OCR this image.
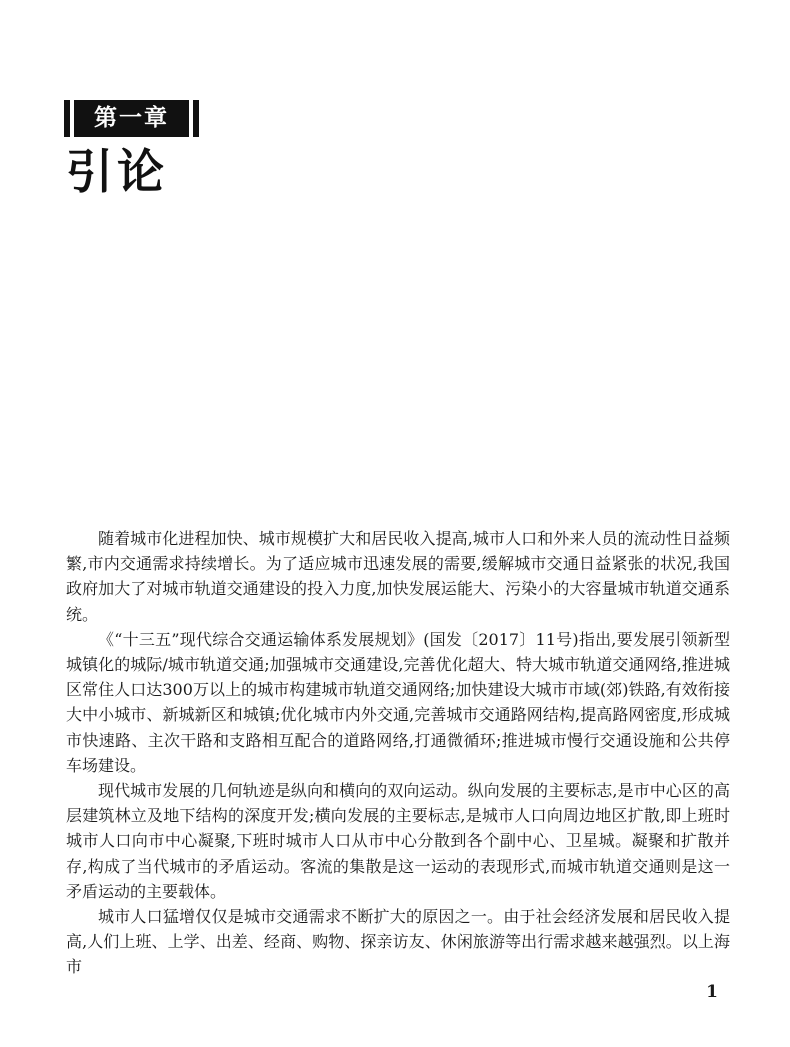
第一章
引论

随着城市化进程加快、城市规模扩大和居民收入提高,城市人口和外来人员的流动性日益频繁,市内交通需求持续增长。为了适应城市迅速发展的需要,缓解城市交通日益紧张的状况,我国政府加大了对城市轨道交通建设的投入力度,加快发展运能大、污染小的大容量城市轨道交通系统。

《“十三五”现代综合交通运输体系发展规划》(国发〔2017〕11号)指出,要发展引领新型城镇化的城际/城市轨道交通;加强城市交通建设,完善优化超大、特大城市轨道交通网络,推进城区常住人口达300万以上的城市构建城市轨道交通网络;加快建设大城市市域(郊)铁路,有效衔接大中小城市、新城新区和城镇;优化城市内外交通,完善城市交通路网结构,提高路网密度,形成城市快速路、主次干路和支路相互配合的道路网络,打通微循环;推进城市慢行交通设施和公共停车场建设。

现代城市发展的几何轨迹是纵向和横向的双向运动。纵向发展的主要标志,是市中心区的高层建筑林立及地下结构的深度开发;横向发展的主要标志,是城市人口向周边地区扩散,即上班时城市人口向市中心凝聚,下班时城市人口从市中心分散到各个副中心、卫星城。凝聚和扩散并存,构成了当代城市的矛盾运动。客流的集散是这一运动的表现形式,而城市轨道交通则是这一矛盾运动的主要载体。

城市人口猛增仅仅是城市交通需求不断扩大的原因之一。由于社会经济发展和居民收入提高,人们上班、上学、出差、经商、购物、探亲访友、休闲旅游等出行需求越来越强烈。以上海市

1
